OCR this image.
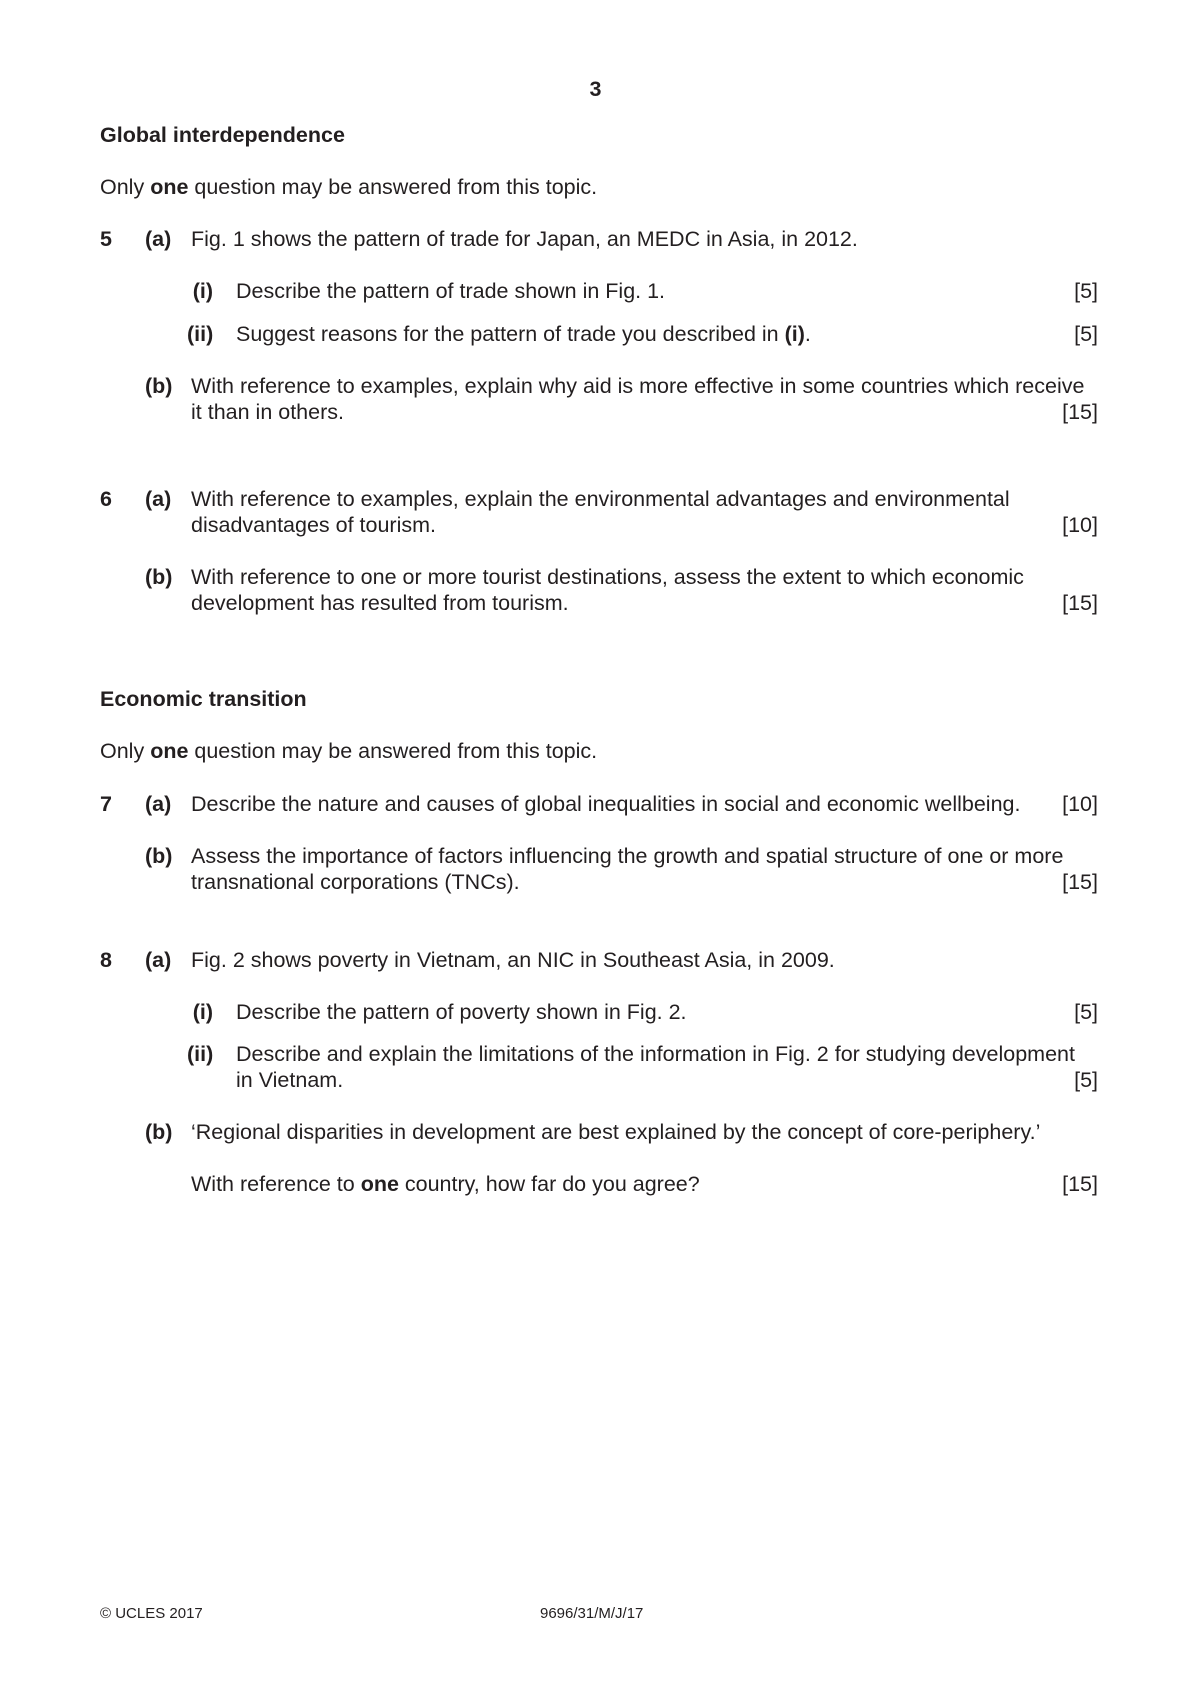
3
Global interdependence
Only one question may be answered from this topic.
5 (a) Fig. 1 shows the pattern of trade for Japan, an MEDC in Asia, in 2012.
(i) Describe the pattern of trade shown in Fig. 1.	[5]
(ii) Suggest reasons for the pattern of trade you described in (i).	[5]
(b) With reference to examples, explain why aid is more effective in some countries which receive
it than in others.	[15]
6 (a) With reference to examples, explain the environmental advantages and environmental
disadvantages of tourism.	[10]
(b) With reference to one or more tourist destinations, assess the extent to which economic
development has resulted from tourism.	[15]
Economic transition
Only one question may be answered from this topic.
7 (a) Describe the nature and causes of global inequalities in social and economic wellbeing.	[10]
(b) Assess the importance of factors influencing the growth and spatial structure of one or more
transnational corporations (TNCs).	[15]
8 (a) Fig. 2 shows poverty in Vietnam, an NIC in Southeast Asia, in 2009.
(i) Describe the pattern of poverty shown in Fig. 2.	[5]
(ii) Describe and explain the limitations of the information in Fig. 2 for studying development
in Vietnam.	[5]
(b) ‘Regional disparities in development are best explained by the concept of core-periphery.’
With reference to one country, how far do you agree?	[15]
© UCLES 2017	9696/31/M/J/17
